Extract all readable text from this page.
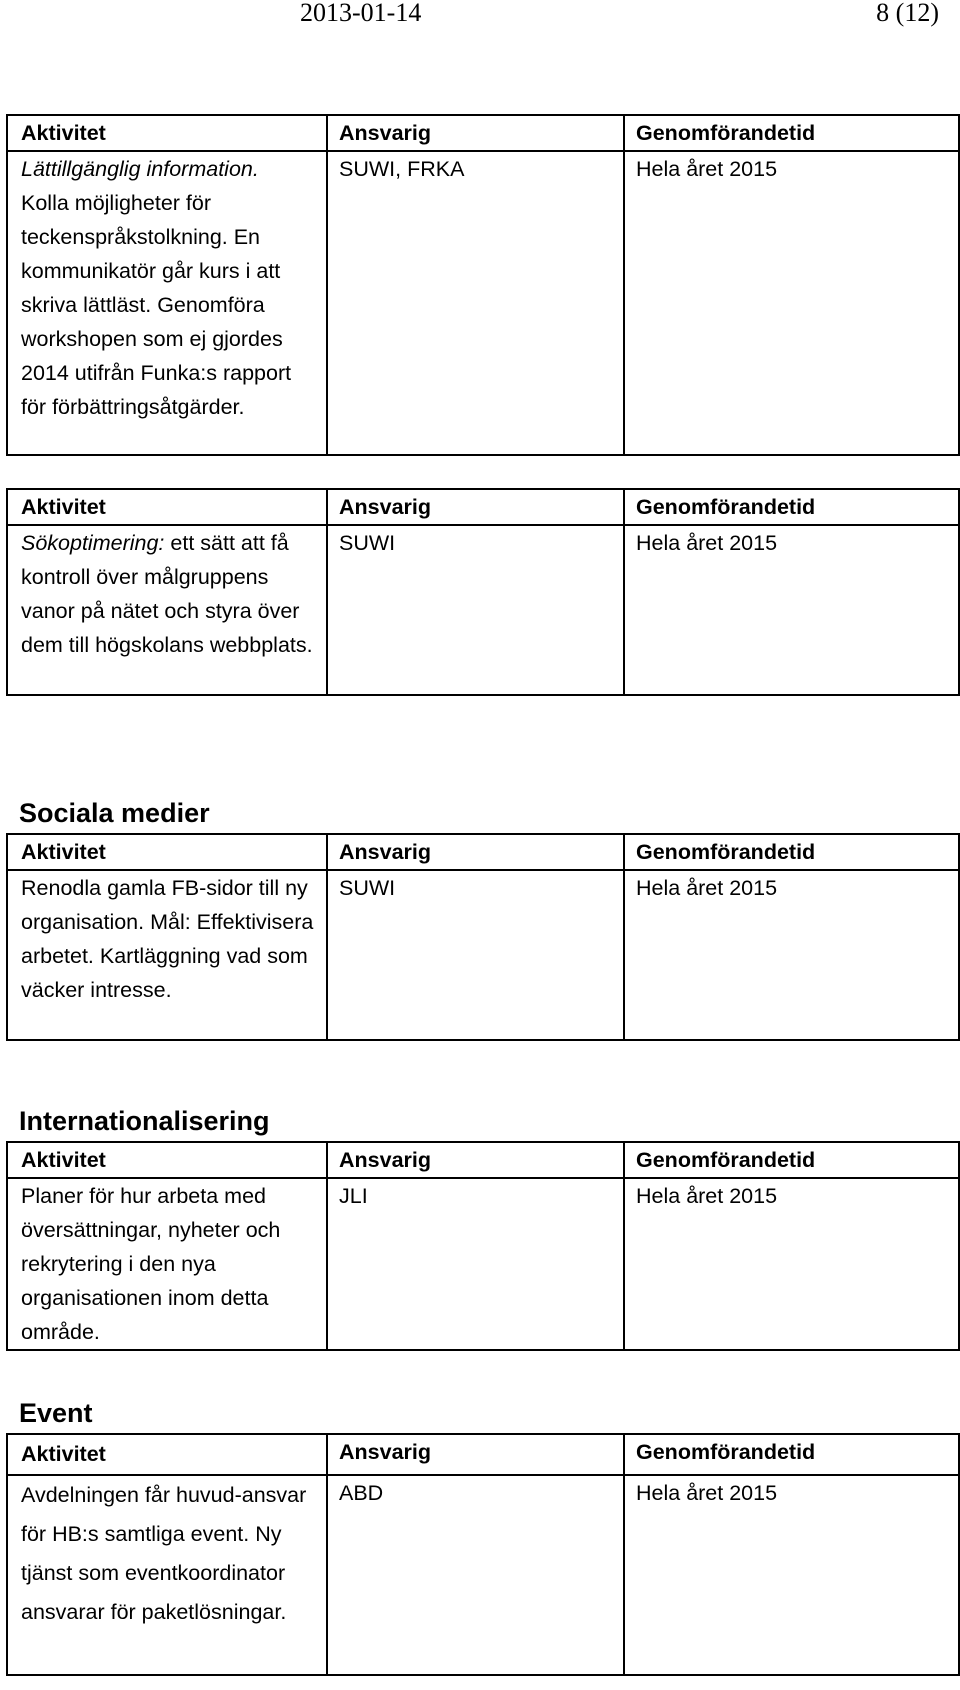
2013-01-14	8 (12)
Aktivitet	Ansvarig	Genomförandetid
Lättillgänglig information.
Kolla möjligheter för teckenspråkstolkning. En kommunikatör går kurs i att skriva lättläst. Genomföra workshopen som ej gjordes 2014 utifrån Funka:s rapport för förbättringsåtgärder.	SUWI, FRKA	Hela året 2015
Aktivitet	Ansvarig	Genomförandetid
Sökoptimering: ett sätt att få kontroll över målgruppens vanor på nätet och styra över dem till högskolans webbplats.	SUWI	Hela året 2015
Sociala medier
Aktivitet	Ansvarig	Genomförandetid
Renodla gamla FB-sidor till ny organisation. Mål: Effektivisera arbetet. Kartläggning vad som väcker intresse.	SUWI	Hela året 2015
Internationalisering
Aktivitet	Ansvarig	Genomförandetid
Planer för hur arbeta med översättningar, nyheter och rekrytering i den nya organisationen inom detta område.	JLI	Hela året 2015
Event
Aktivitet	Ansvarig	Genomförandetid
Avdelningen får huvud-ansvar för HB:s samtliga event. Ny tjänst som eventkoordinator ansvarar för paketlösningar.	ABD	Hela året 2015
